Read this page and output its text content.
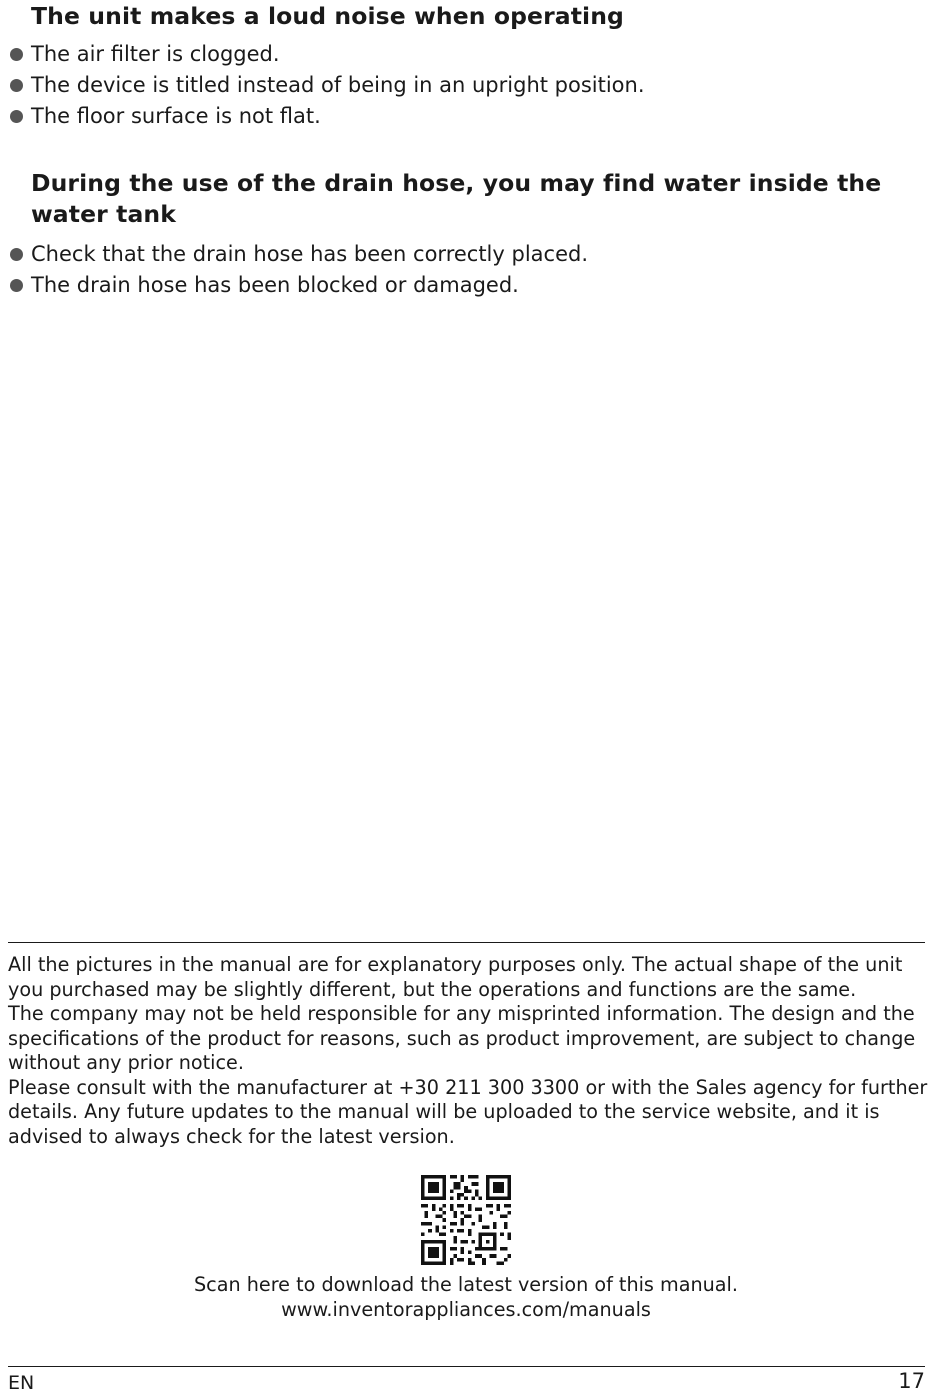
The unit makes a loud noise when operating
The air filter is clogged.
The device is titled instead of being in an upright position.
The floor surface is not flat.
During the use of the drain hose, you may find water inside the water tank
Check that the drain hose has been correctly placed.
The drain hose has been blocked or damaged.

All the pictures in the manual are for explanatory purposes only. The actual shape of the unit you purchased may be slightly different, but the operations and functions are the same.

The company may not be held responsible for any misprinted information. The design and the specifications of the product for reasons, such as product improvement, are subject to change without any prior notice.

Please consult with the manufacturer at +30 211 300 3300 or with the Sales agency for further details. Any future updates to the manual will be uploaded to the service website, and it is advised to always check for the latest version.

Scan here to download the latest version of this manual.
www.inventorappliances.com/manuals
EN	17
